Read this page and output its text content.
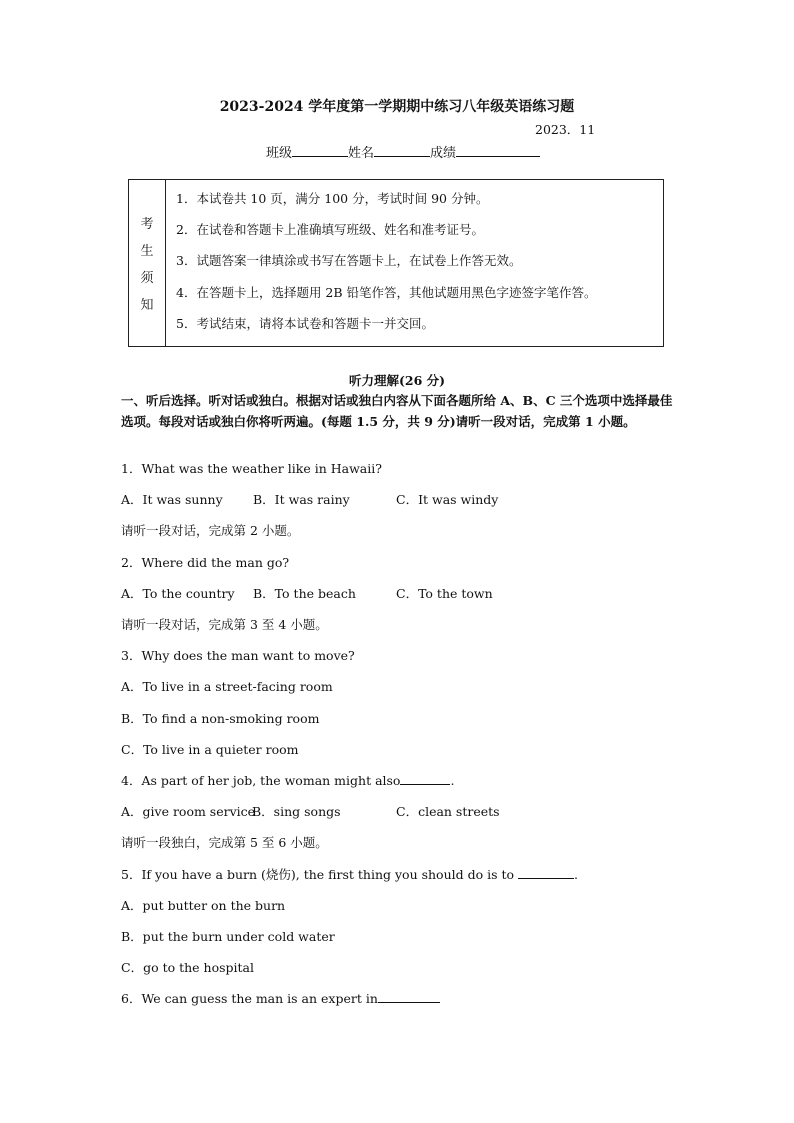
2023-2024 学年度第一学期期中练习八年级英语练习题
2023．11
班级	姓名	成绩
考
生
须
知
1．本试卷共 10 页，满分 100 分，考试时间 90 分钟。
2．在试卷和答题卡上准确填写班级、姓名和准考证号。
3．试题答案一律填涂或书写在答题卡上，在试卷上作答无效。
4．在答题卡上，选择题用 2B 铅笔作答，其他试题用黑色字迹签字笔作答。
5．考试结束，请将本试卷和答题卡一并交回。
听力理解(26 分)
一、听后选择。听对话或独白。根据对话或独白内容从下面各题所给 A、B、C 三个选项中选择最佳选项。每段对话或独白你将听两遍。(每题 1.5 分，共 9 分)请听一段对话，完成第 1 小题。
1．What was the weather like in Hawaii?
A．It was sunny B．It was rainy	C．It was windy
请听一段对话，完成第 2 小题。
2．Where did the man go?
A．To the country B．To the beach	C．To the town
请听一段对话，完成第 3 至 4 小题。
3．Why does the man want to move?
A．To live in a street-facing room
B．To find a non-smoking room
C．To live in a quieter room
4．As part of her job, the woman might also	.
A．give room serviceB．sing songs	C．clean streets
请听一段独白，完成第 5 至 6 小题。
5．If you have a burn (烧伤), the first thing you should do is to	.
A．put butter on the burn
B．put the burn under cold water
C．go to the hospital
6．We can guess the man is an expert in
